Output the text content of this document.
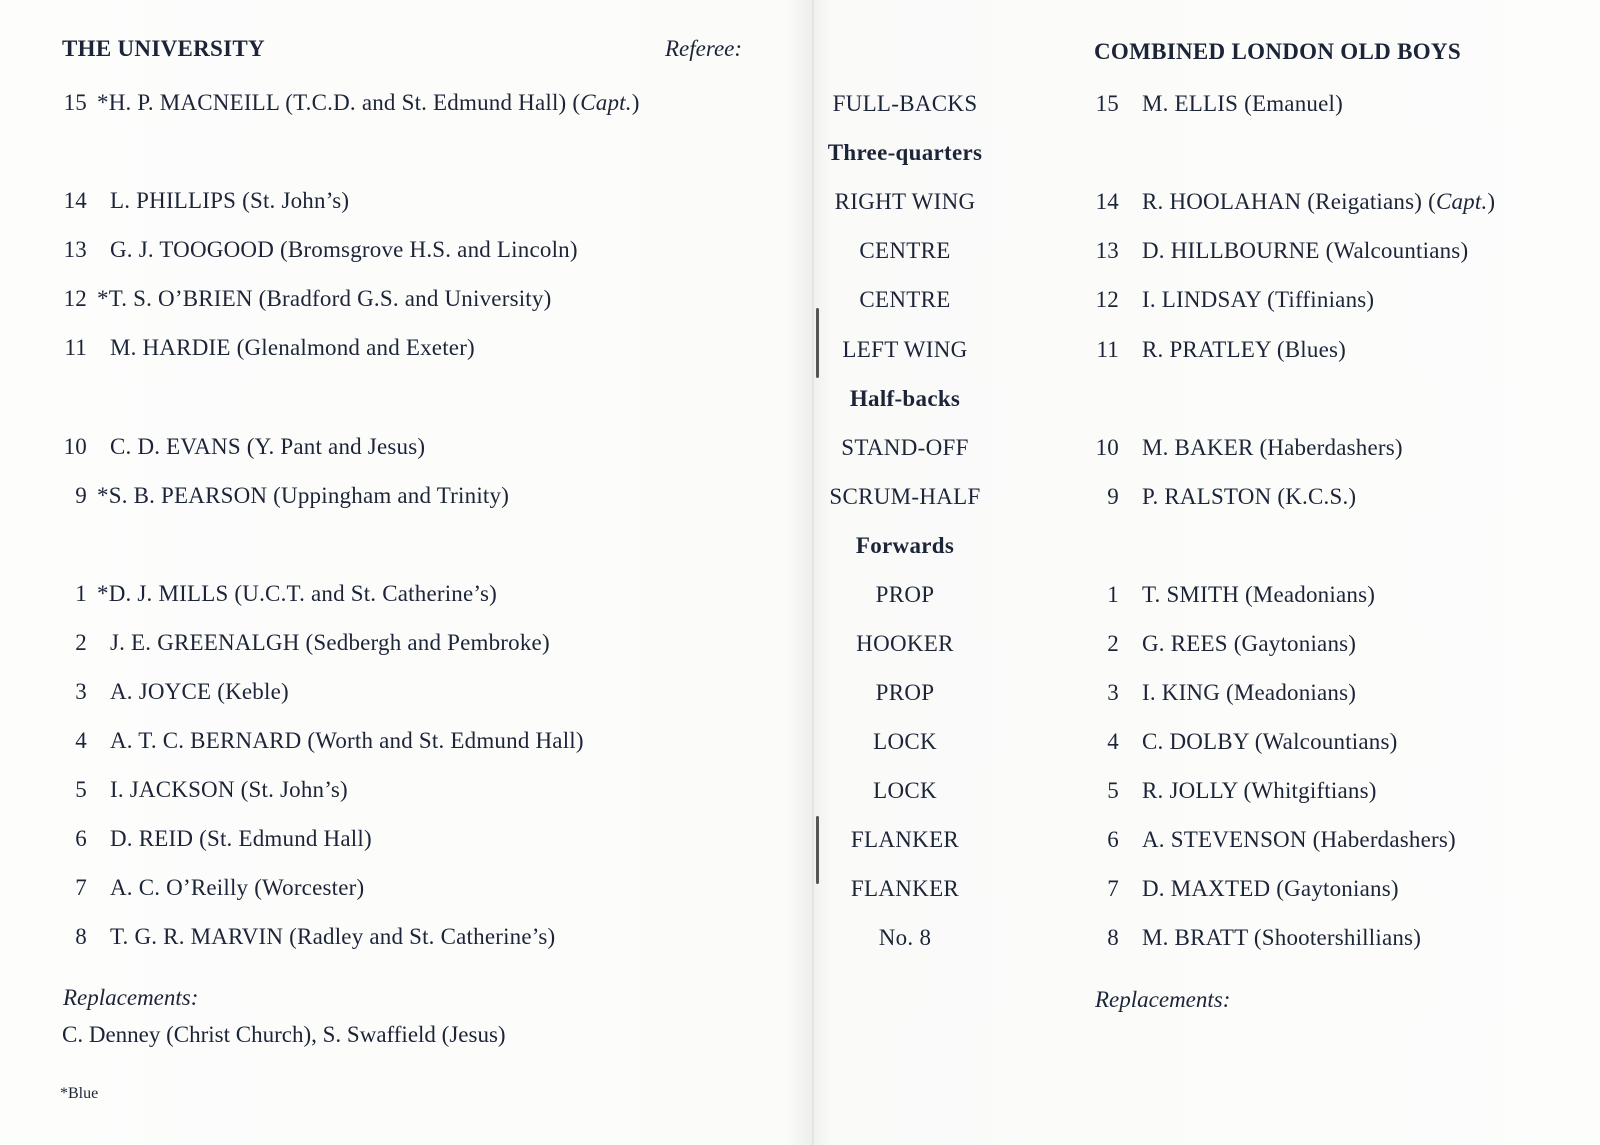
THE UNIVERSITY	Referee:	COMBINED LONDON OLD BOYS
15 *H. P. MACNEILL (T.C.D. and St. Edmund Hall) (Capt.)
14 L. PHILLIPS (St. John’s)
13 G. J. TOOGOOD (Bromsgrove H.S. and Lincoln)
12 *T. S. O’BRIEN (Bradford G.S. and University)
11 M. HARDIE (Glenalmond and Exeter)
10 C. D. EVANS (Y. Pant and Jesus)
9 *S. B. PEARSON (Uppingham and Trinity)
1 *D. J. MILLS (U.C.T. and St. Catherine’s)
2 J. E. GREENALGH (Sedbergh and Pembroke)
3 A. JOYCE (Keble)
4 A. T. C. BERNARD (Worth and St. Edmund Hall)
5 I. JACKSON (St. John’s)
6 D. REID (St. Edmund Hall)
7 A. C. O’Reilly (Worcester)
8 T. G. R. MARVIN (Radley and St. Catherine’s)
FULL-BACKS
Three-quarters
RIGHT WING
CENTRE
CENTRE
LEFT WING
Half-backs
STAND-OFF
SCRUM-HALF
Forwards
PROP
HOOKER
PROP
LOCK
LOCK
FLANKER
FLANKER
No. 8
15 M. ELLIS (Emanuel)
14 R. HOOLAHAN (Reigatians) (Capt.)
13 D. HILLBOURNE (Walcountians)
12 I. LINDSAY (Tiffinians)
11 R. PRATLEY (Blues)
10 M. BAKER (Haberdashers)
9 P. RALSTON (K.C.S.)
1 T. SMITH (Meadonians)
2 G. REES (Gaytonians)
3 I. KING (Meadonians)
4 C. DOLBY (Walcountians)
5 R. JOLLY (Whitgiftians)
6 A. STEVENSON (Haberdashers)
7 D. MAXTED (Gaytonians)
8 M. BRATT (Shootershillians)
Replacements:
C. Denney (Christ Church), S. Swaffield (Jesus)
*Blue
Replacements:
